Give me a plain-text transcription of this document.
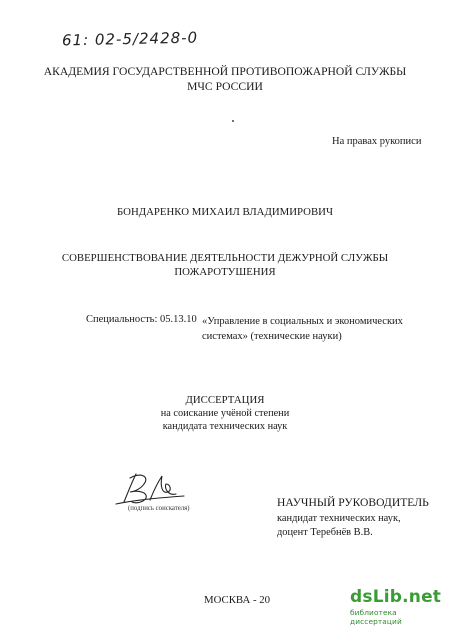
61: 02-5/2428-0
АКАДЕМИЯ ГОСУДАРСТВЕННОЙ ПРОТИВОПОЖАРНОЙ СЛУЖБЫ
МЧС РОССИИ
На правах рукописи
БОНДАРЕНКО МИХАИЛ ВЛАДИМИРОВИЧ
СОВЕРШЕНСТВОВАНИЕ ДЕЯТЕЛЬНОСТИ ДЕЖУРНОЙ СЛУЖБЫ
ПОЖАРОТУШЕНИЯ
Специальность: 05.13.10 «Управление в социальных и экономических
системах» (технические науки)
ДИССЕРТАЦИЯ
на соискание учёной степени
кандидата технических наук
(подпись соискателя)	НАУЧНЫЙ РУКОВОДИТЕЛЬ
кандидат технических наук,
доцент Теребнёв В.В.
МОСКВА - 20	dsLib.net
библиотека диссертаций
